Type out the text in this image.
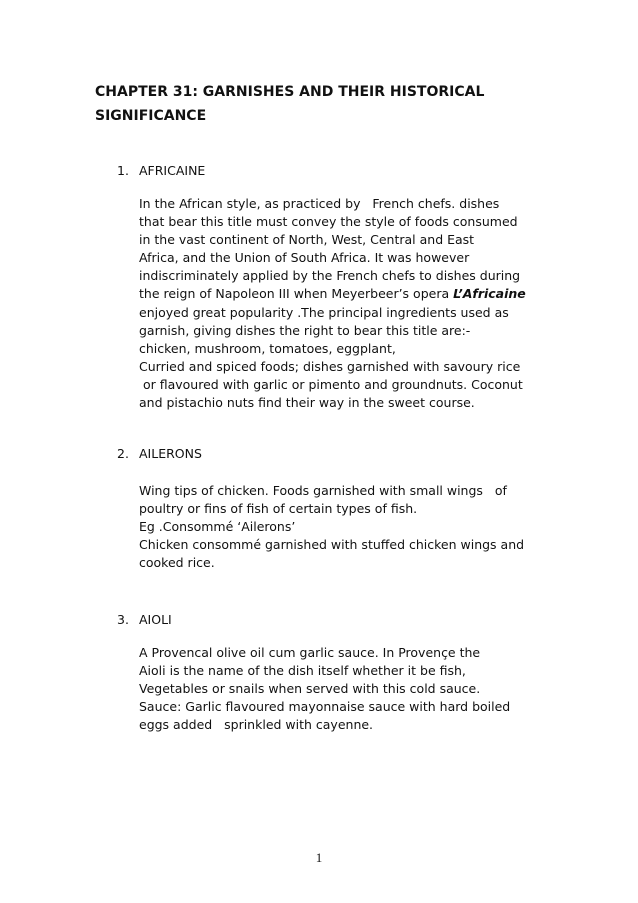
CHAPTER 31: GARNISHES AND THEIR HISTORICAL
SIGNIFICANCE
1. AFRICAINE
In the African style, as practiced by   French chefs. dishes
that bear this title must convey the style of foods consumed
in the vast continent of North, West, Central and East
Africa, and the Union of South Africa. It was however
indiscriminately applied by the French chefs to dishes during
the reign of Napoleon III when Meyerbeer’s opera L’Africaine
enjoyed great popularity .The principal ingredients used as
garnish, giving dishes the right to bear this title are:-
chicken, mushroom, tomatoes, eggplant,
Curried and spiced foods; dishes garnished with savoury rice
or flavoured with garlic or pimento and groundnuts. Coconut
and pistachio nuts find their way in the sweet course.
2. AILERONS
Wing tips of chicken. Foods garnished with small wings   of
poultry or fins of fish of certain types of fish.
Eg .Consommé ‘Ailerons’
Chicken consommé garnished with stuffed chicken wings and
cooked rice.
3. AIOLI
A Provencal olive oil cum garlic sauce. In Provençe the
Aioli is the name of the dish itself whether it be fish,
Vegetables or snails when served with this cold sauce.
Sauce: Garlic flavoured mayonnaise sauce with hard boiled
eggs added   sprinkled with cayenne.
1
